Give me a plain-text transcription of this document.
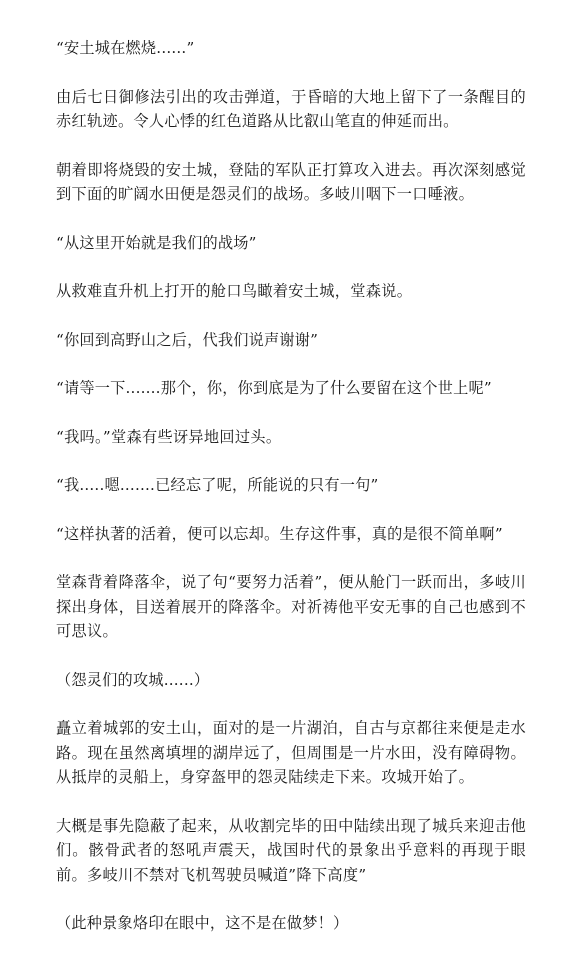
“安土城在燃烧......”

由后七日御修法引出的攻击弹道，于昏暗的大地上留下了一条醒目的赤红轨迹。令人心悸的红色道路从比叡山笔直的伸延而出。

朝着即将烧毁的安土城，登陆的军队正打算攻入进去。再次深刻感觉到下面的旷阔水田便是怨灵们的战场。多岐川咽下一口唾液。

“从这里开始就是我们的战场”

从救难直升机上打开的舱口鸟瞰着安土城，堂森说。

“你回到高野山之后，代我们说声谢谢”

“请等一下.......那个，你，你到底是为了什么要留在这个世上呢”

“我吗。”堂森有些讶异地回过头。

“我.....嗯.......已经忘了呢，所能说的只有一句”

“这样执著的活着，便可以忘却。生存这件事，真的是很不简单啊”

堂森背着降落伞，说了句“要努力活着”，便从舱门一跃而出，多岐川探出身体，目送着展开的降落伞。对祈祷他平安无事的自己也感到不可思议。

（怨灵们的攻城......）

矗立着城郭的安土山，面对的是一片湖泊，自古与京都往来便是走水路。现在虽然离填埋的湖岸远了，但周围是一片水田，没有障碍物。从抵岸的灵船上，身穿盔甲的怨灵陆续走下来。攻城开始了。

大概是事先隐蔽了起来，从收割完毕的田中陆续出现了城兵来迎击他们。骸骨武者的怒吼声震天，战国时代的景象出乎意料的再现于眼前。多岐川不禁对飞机驾驶员喊道”降下高度”

（此种景象烙印在眼中，这不是在做梦！）
